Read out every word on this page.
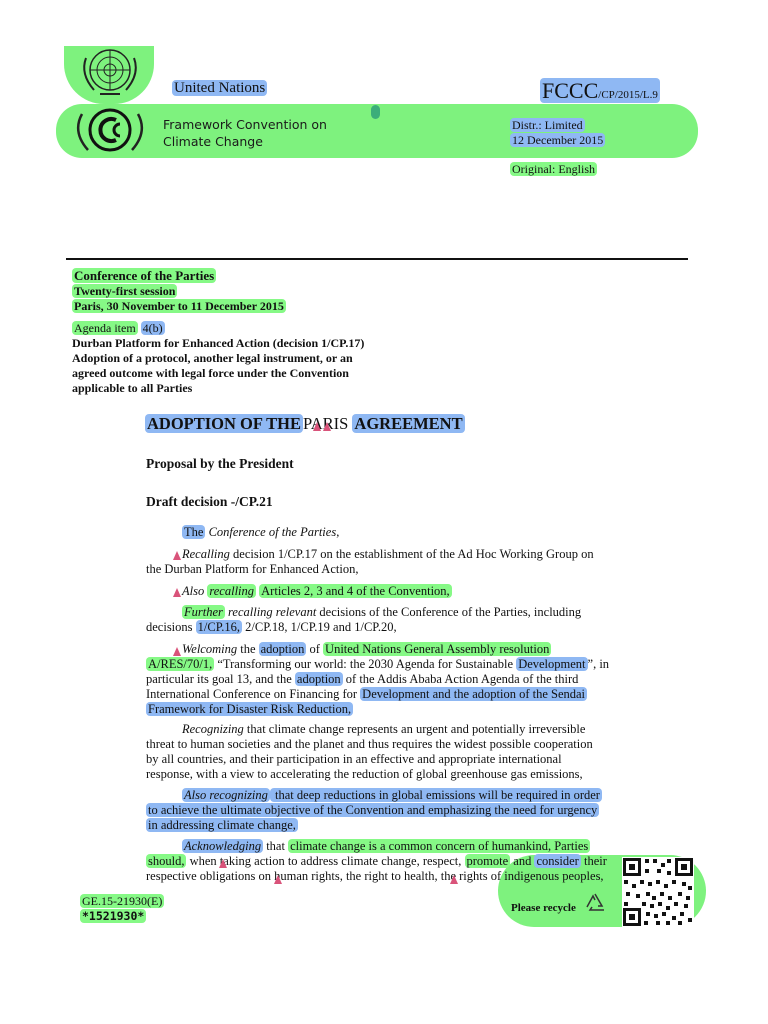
United Nations	FCCC/CP/2015/L.9
Framework Convention on
Climate Change
Distr.: Limited
12 December 2015
Original: English
Conference of the Parties
Twenty-first session
Paris, 30 November to 11 December 2015
Agenda item 4(b)
Durban Platform for Enhanced Action (decision 1/CP.17)
Adoption of a protocol, another legal instrument, or an
agreed outcome with legal force under the Convention
applicable to all Parties
ADOPTION OF THE PARIS AGREEMENT
Proposal by the President
Draft decision -/CP.21
The Conference of the Parties,
Recalling decision 1/CP.17 on the establishment of the Ad Hoc Working Group on
the Durban Platform for Enhanced Action,
Also recalling Articles 2, 3 and 4 of the Convention,
Further recalling relevant decisions of the Conference of the Parties, including
decisions 1/CP.16, 2/CP.18, 1/CP.19 and 1/CP.20,
Welcoming the adoption of United Nations General Assembly resolution
A/RES/70/1, “Transforming our world: the 2030 Agenda for Sustainable Development ”, in
particular its goal 13, and the adoption of the Addis Ababa Action Agenda of the third
International Conference on Financing for Development and the adoption of the Sendai
Framework for Disaster Risk Reduction,
Recognizing that climate change represents an urgent and potentially irreversible
threat to human societies and the planet and thus requires the widest possible cooperation
by all countries, and their participation in an effective and appropriate international
response, with a view to accelerating the reduction of global greenhouse gas emissions,
Also recognizing that deep reductions in global emissions will be required in order
to achieve the ultimate objective of the Convention and emphasizing the need for urgency
in addressing climate change,
Acknowledging that climate change is a common concern of humankind, Parties
should, when taking action to address climate change, respect, promote and consider their
respective obligations on human rights, the right to health, the rights of indigenous peoples,
GE.15-21930(E)
*1521930*
Please recycle
